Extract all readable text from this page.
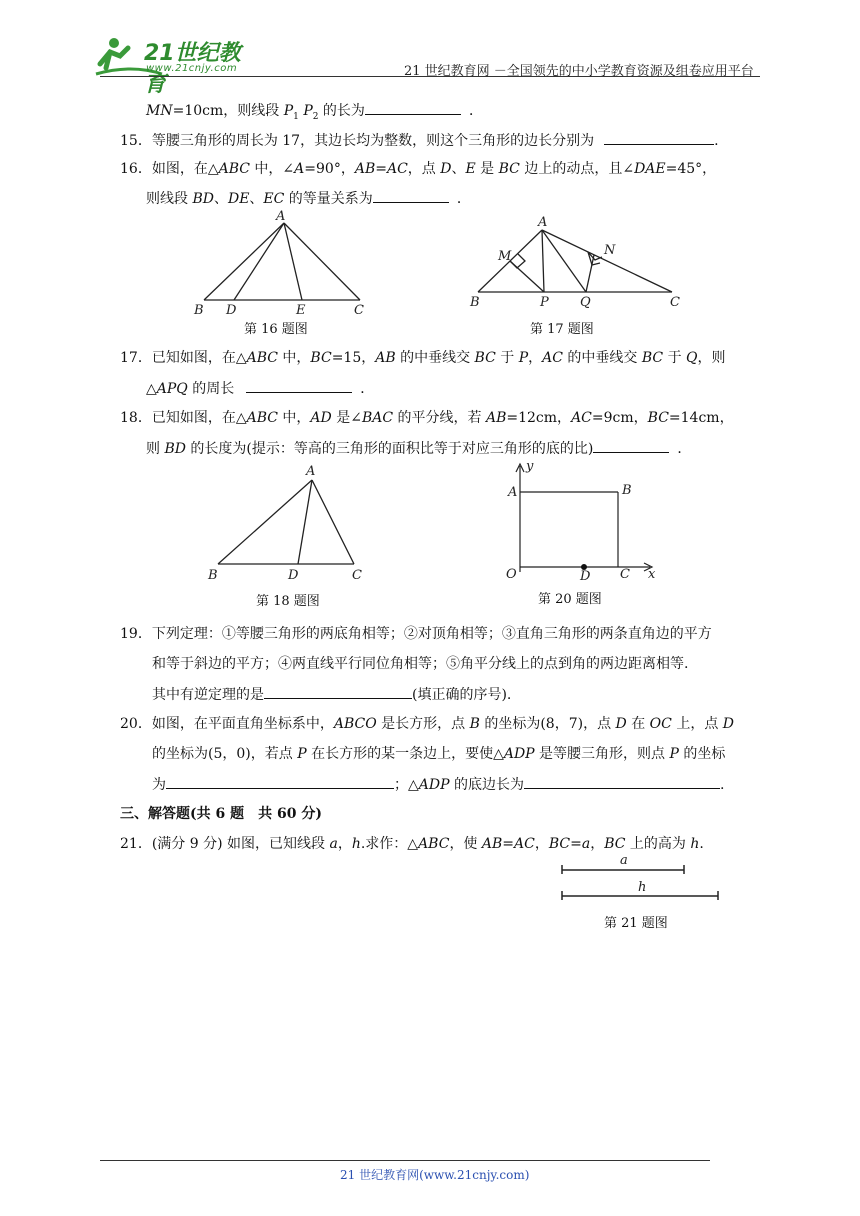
21世纪教育
www.21cnjy.com	21 世纪教育网 －全国领先的中小学教育资源及组卷应用平台
MN=10cm，则线段 $P_1$ $P_2$ 的长为	．
15．等腰三角形的周长为 17，其边长均为整数，则这个三角形的边长分别为	.
16．如图，在△ABC 中，∠A=90°，AB=AC，点 D、E 是 BC 边上的动点，且∠DAE=45°，
则线段 BD、DE、EC 的等量关系为	．
A
B D	E	C
第 16 题图
A
M	N
B	P Q	C
第 17 题图
17．已知如图，在△ABC 中，BC=15，AB 的中垂线交 BC 于 P，AC 的中垂线交 BC 于 Q，则
△APQ 的周长	．
18．已知如图，在△ABC 中，AD 是∠BAC 的平分线，若 AB=12cm，AC=9cm，BC=14cm，
则 BD 的长度为(提示：等高的三角形的面积比等于对应三角形的底的比)	．
A
B	D	C
第 18 题图
y
A	B
O	D C x
第 20 题图
19．下列定理：①等腰三角形的两底角相等；②对顶角相等；③直角三角形的两条直角边的平方
和等于斜边的平方；④两直线平行同位角相等；⑤角平分线上的点到角的两边距离相等.
其中有逆定理的是	(填正确的序号).
20．如图，在平面直角坐标系中，ABCO 是长方形，点 B 的坐标为(8，7)，点 D 在 OC 上，点 D
的坐标为(5，0)，若点 P 在长方形的某一条边上，要使△ADP 是等腰三角形，则点 P 的坐标
为	；△ADP 的底边长为	.
三、解答题(共 6 题　共 60 分)
21．(满分 9 分) 如图，已知线段 a，h.求作：△ABC，使 AB=AC，BC=a，BC 上的高为 h.
a
h
第 21 题图
21 世纪教育网(www.21cnjy.com)
